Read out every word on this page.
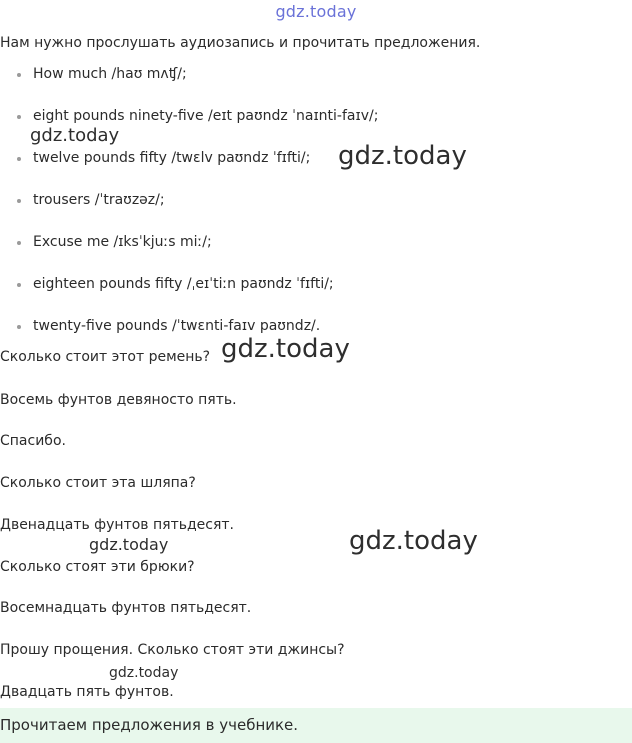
gdz.today
Нам нужно прослушать аудиозапись и прочитать предложения.
How much /haʊ mʌʧ/;
eight pounds ninety-five /eɪt paʊndz ˈnaɪnti-faɪv/;
twelve pounds fifty /twɛlv paʊndz ˈfɪfti/;
trousers /ˈtraʊzəz/;
Excuse me /ɪksˈkjuːs miː/;
eighteen pounds fifty /ˌeɪˈtiːn paʊndz ˈfɪfti/;
twenty-five pounds /ˈtwɛnti-faɪv paʊndz/.
Сколько стоит этот ремень?
Восемь фунтов девяносто пять.
Спасибо.
Сколько стоит эта шляпа?
Двенадцать фунтов пятьдесят.
Сколько стоят эти брюки?
Восемнадцать фунтов пятьдесят.
Прошу прощения. Сколько стоят эти джинсы?
Двадцать пять фунтов.
Прочитаем предложения в учебнике.
gdz.today
gdz.today
gdz.today
gdz.today	gdz.today
gdz.today
